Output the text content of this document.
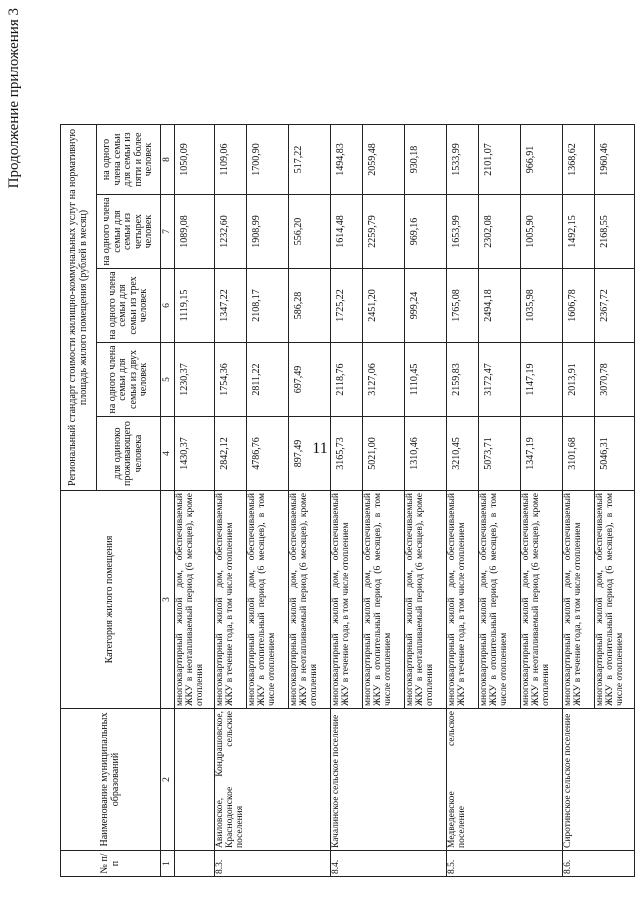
11
Продолжение приложения 3
№ п/п	Наименование муниципальных образований	Категория жилого помещения	Региональный стандарт стоимости жилищно-коммунальных услуг на нормативную площадь жилого помещения (рублей в месяц)				
			для одиноко проживающего человека	на одного члена семьи для семьи из двух человек	на одного члена семьи для семьи из трех человек	на одного члена семьи для семьи из четырех человек	на одного члена семьи для семьи из пяти и более человек
1	2	3	4	5	6	7	8
		многоквартирный жилой дом, обеспечиваемый ЖКУ в неотапливаемый период (6 месяцев), кроме отопления	1430,37	1230,37	1119,15	1089,08	1050,09
8.3.	Авиловское, Кондрашовское, Краснодонское сельские поселения	многоквартирный жилой дом, обеспечиваемый ЖКУ в течение года, в том числе отоплением	2842,12	1754,36	1347,22	1232,60	1109,06
		многоквартирный жилой дом, обеспечиваемый ЖКУ в отопительный период (6 месяцев), в том числе отоплением	4786,76	2811,22	2108,17	1908,99	1700,90
		многоквартирный жилой дом, обеспечиваемый ЖКУ в неотапливаемый период (6 месяцев), кроме отопления	897,49	697,49	586,28	556,20	517,22
8.4.	Качалинское сельское поселение	многоквартирный жилой дом, обеспечиваемый ЖКУ в течение года, в том числе отоплением	3165,73	2118,76	1725,22	1614,48	1494,83
		многоквартирный жилой дом, обеспечиваемый ЖКУ в отопительный период (6 месяцев), в том числе отоплением	5021,00	3127,06	2451,20	2259,79	2059,48
		многоквартирный жилой дом, обеспечиваемый ЖКУ в неотапливаемый период (6 месяцев), кроме отопления	1310,46	1110,45	999,24	969,16	930,18
8.5.	Медведевское сельское поселение	многоквартирный жилой дом, обеспечиваемый ЖКУ в течение года, в том числе отоплением	3210,45	2159,83	1765,08	1653,99	1533,99
		многоквартирный жилой дом, обеспечиваемый ЖКУ в отопительный период (6 месяцев), в том числе отоплением	5073,71	3172,47	2494,18	2302,08	2101,07
		многоквартирный жилой дом, обеспечиваемый ЖКУ в неотапливаемый период (6 месяцев), кроме отопления	1347,19	1147,19	1035,98	1005,90	966,91
8.6.	Сиротинское сельское поселение	многоквартирный жилой дом, обеспечиваемый ЖКУ в течение года, в том числе отоплением	3101,68	2013,91	1606,78	1492,15	1368,62
		многоквартирный жилой дом, обеспечиваемый ЖКУ в отопительный период (6 месяцев), в том числе отоплением	5046,31	3070,78	2367,72	2168,55	1960,46
